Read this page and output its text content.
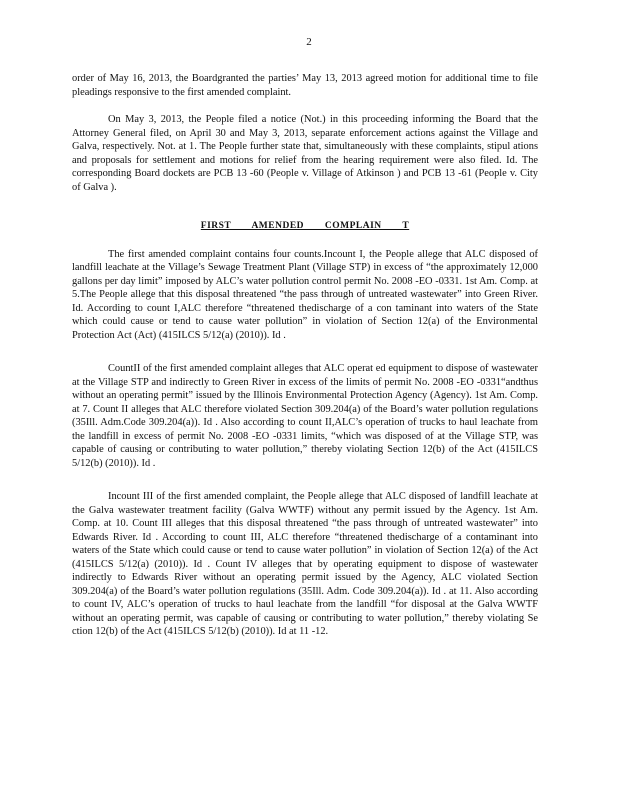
2

order of May 16, 2013, the Boardgranted the parties’ May 13, 2013 agreed motion for additional time to file pleadings responsive to the first amended complaint.

On May 3, 2013, the People filed a notice (Not.) in this proceeding informing the Board that the Attorney General filed, on April 30 and May 3, 2013, separate enforcement actions against the Village and Galva, respectively. Not. at 1. The People further state that, simultaneously with these complaints, stipul ations and proposals for settlement and motions for relief from the hearing requirement were also filed. Id. The corresponding Board dockets are PCB 13 -60 (People v. Village of Atkinson ) and PCB 13 -61 (People v. City of Galva ).

FIRST AMENDED COMPLAIN T

The first amended complaint contains four counts.Incount I, the People allege that ALC disposed of landfill leachate at the Village’s Sewage Treatment Plant (Village STP) in excess of “the approximately 12,000 gallons per day limit” imposed by ALC’s water pollution control permit No. 2008 -EO -0331. 1st Am. Comp. at 5.The People allege that this disposal threatened “the pass through of untreated wastewater” into Green River. Id. According to count I,ALC therefore “threatened thedischarge of a con taminant into waters of the State which could cause or tend to cause water pollution” in violation of Section 12(a) of the Environmental Protection Act (Act) (415ILCS 5/12(a) (2010)). Id .

CountII of the first amended complaint alleges that ALC operat ed equipment to dispose of wastewater at the Village STP and indirectly to Green River in excess of the limits of permit No. 2008 -EO -0331“andthus without an operating permit” issued by the Illinois Environmental Protection Agency (Agency). 1st Am. Comp. at 7. Count II alleges that ALC therefore violated Section 309.204(a) of the Board’s water pollution regulations (35Ill. Adm.Code 309.204(a)). Id . Also according to count II,ALC’s operation of trucks to haul leachate from the landfill in excess of permit No. 2008 -EO -0331 limits, “which was disposed of at the Village STP, was capable of causing or contributing to water pollution,” thereby violating Section 12(b) of the Act (415ILCS 5/12(b) (2010)). Id .

Incount III of the first amended complaint, the People allege that ALC disposed of landfill leachate at the Galva wastewater treatment facility (Galva WWTF) without any permit issued by the Agency. 1st Am. Comp. at 10. Count III alleges that this disposal threatened “the pass through of untreated wastewater” into Edwards River. Id . According to count III, ALC therefore “threatened thedischarge of a contaminant into waters of the State which could cause or tend to cause water pollution” in violation of Section 12(a) of the Act (415ILCS 5/12(a) (2010)). Id . Count IV alleges that by operating equipment to dispose of wastewater indirectly to Edwards River without an operating permit issued by the Agency, ALC violated Section 309.204(a) of the Board’s water pollution regulations (35Ill. Adm. Code 309.204(a)). Id . at 11. Also according to count IV, ALC’s operation of trucks to haul leachate from the landfill “for disposal at the Galva WWTF without an operating permit, was capable of causing or contributing to water pollution,” thereby violating Se ction 12(b) of the Act (415ILCS 5/12(b) (2010)). Id at 11 -12.
